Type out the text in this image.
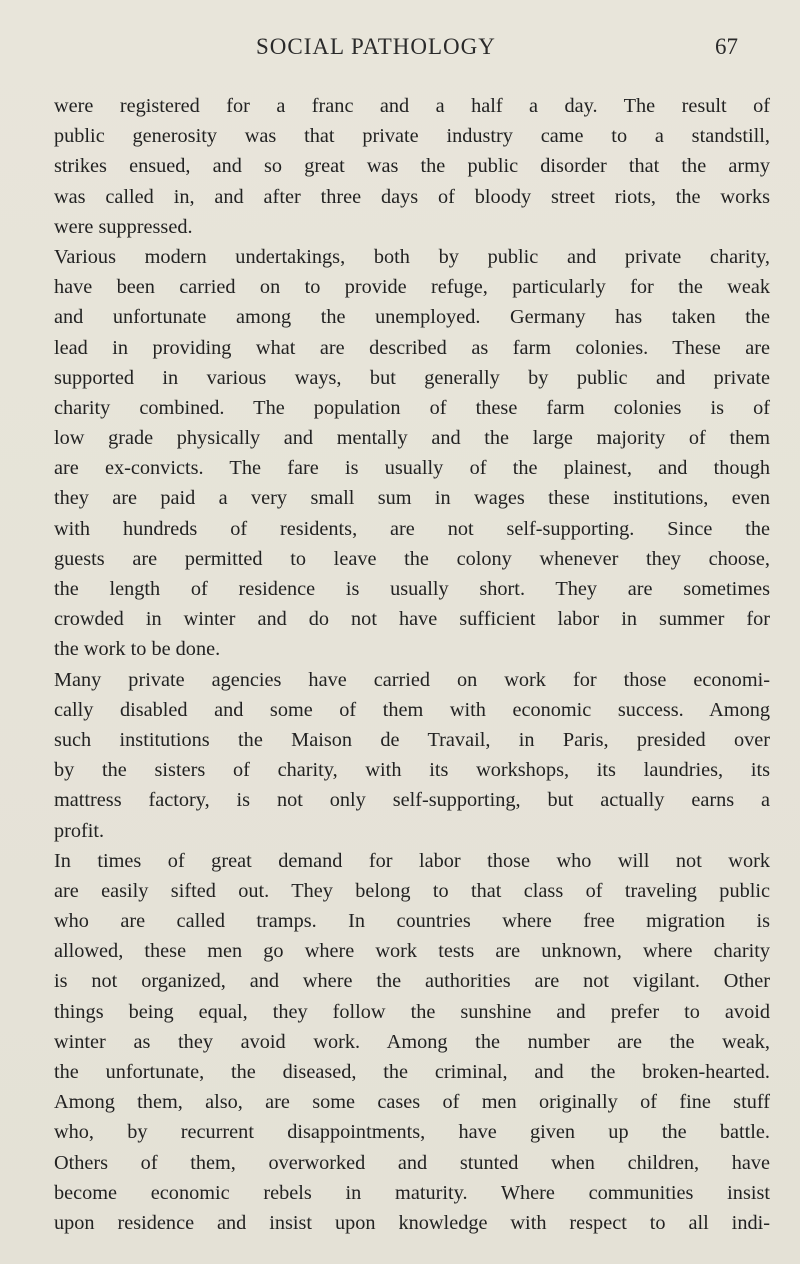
SOCIAL PATHOLOGY	67
were registered for a franc and a half a day. The result of
public generosity was that private industry came to a standstill,
strikes ensued, and so great was the public disorder that the army
was called in, and after three days of bloody street riots, the works
were suppressed.
Various modern undertakings, both by public and private charity,
have been carried on to provide refuge, particularly for the weak
and unfortunate among the unemployed. Germany has taken the
lead in providing what are described as farm colonies. These are
supported in various ways, but generally by public and private
charity combined. The population of these farm colonies is of
low grade physically and mentally and the large majority of them
are ex-convicts. The fare is usually of the plainest, and though
they are paid a very small sum in wages these institutions, even
with hundreds of residents, are not self-supporting. Since the
guests are permitted to leave the colony whenever they choose,
the length of residence is usually short. They are sometimes
crowded in winter and do not have sufficient labor in summer for
the work to be done.
Many private agencies have carried on work for those economi-
cally disabled and some of them with economic success. Among
such institutions the Maison de Travail, in Paris, presided over
by the sisters of charity, with its workshops, its laundries, its
mattress factory, is not only self-supporting, but actually earns a
profit.
In times of great demand for labor those who will not work
are easily sifted out. They belong to that class of traveling public
who are called tramps. In countries where free migration is
allowed, these men go where work tests are unknown, where charity
is not organized, and where the authorities are not vigilant. Other
things being equal, they follow the sunshine and prefer to avoid
winter as they avoid work. Among the number are the weak,
the unfortunate, the diseased, the criminal, and the broken-hearted.
Among them, also, are some cases of men originally of fine stuff
who, by recurrent disappointments, have given up the battle.
Others of them, overworked and stunted when children, have
become economic rebels in maturity. Where communities insist
upon residence and insist upon knowledge with respect to all indi-
